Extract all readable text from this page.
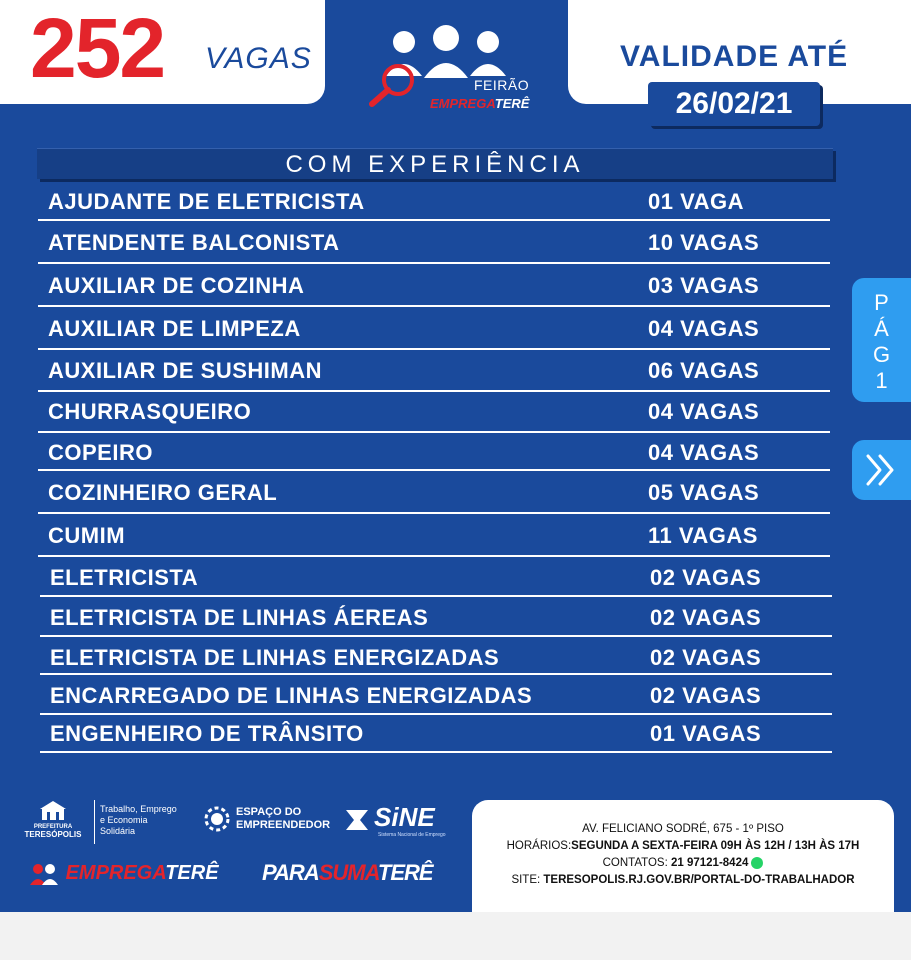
252 VAGAS
FEIRÃO
EMPREGATERÊ
VALIDADE ATÉ
26/02/21
COM EXPERIÊNCIA
AJUDANTE DE ELETRICISTA	01 VAGA
ATENDENTE BALCONISTA	10 VAGAS
AUXILIAR DE COZINHA	03 VAGAS
AUXILIAR DE LIMPEZA	04 VAGAS
AUXILIAR DE SUSHIMAN	06 VAGAS
CHURRASQUEIRO	04 VAGAS
COPEIRO	04 VAGAS
COZINHEIRO GERAL	05 VAGAS
CUMIM	11 VAGAS
ELETRICISTA	02 VAGAS
ELETRICISTA DE LINHAS ÁEREAS	02 VAGAS
ELETRICISTA DE LINHAS ENERGIZADAS	02 VAGAS
ENCARREGADO DE LINHAS ENERGIZADAS	02 VAGAS
ENGENHEIRO DE TRÂNSITO	01 VAGAS
P
Á
G
1
PREFEITURA
TERESÓPOLIS
Trabalho, Emprego
e Economia
Solidária
ESPAÇO DO
EMPREENDEDOR SiNE
Sistema Nacional de Emprego
EMPREGATERÊ PARASUMATERÊ
AV. FELICIANO SODRÉ, 675 - 1º PISO
HORÁRIOS:SEGUNDA A SEXTA-FEIRA 09H ÀS 12H / 13H ÀS 17H
CONTATOS: 21 97121-8424
SITE: TERESOPOLIS.RJ.GOV.BR/PORTAL-DO-TRABALHADOR
